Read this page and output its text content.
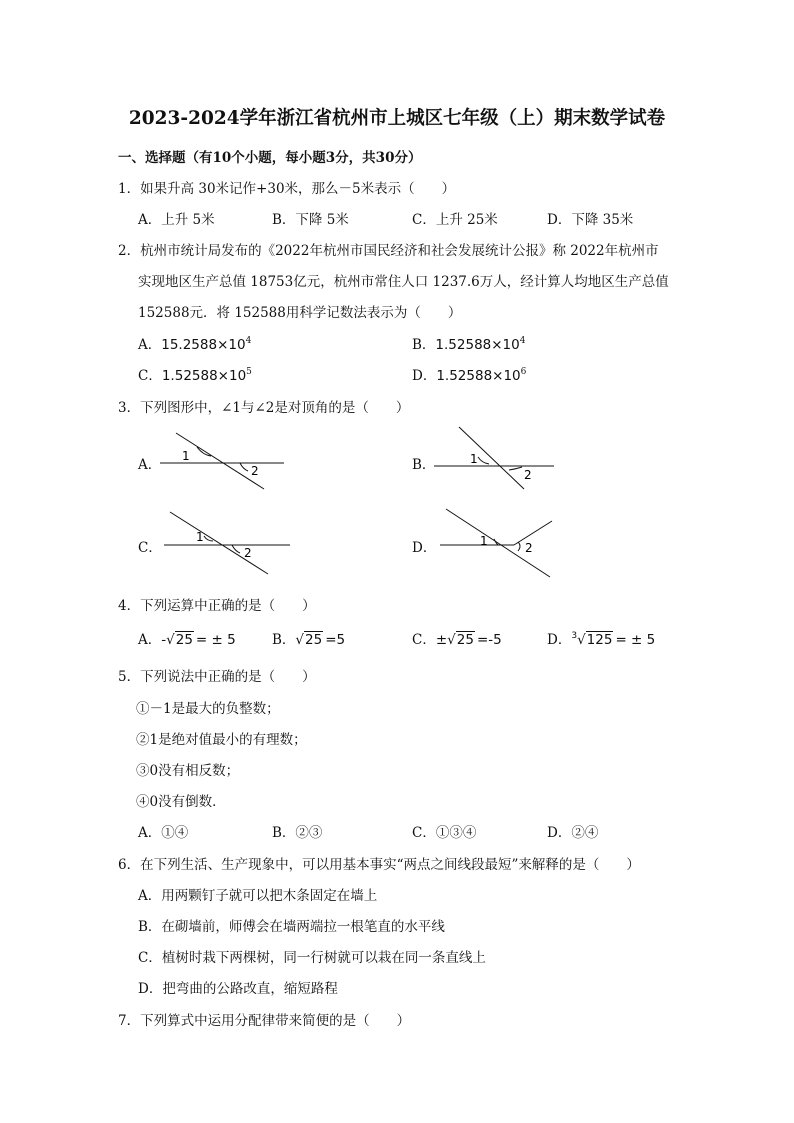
2023-2024学年浙江省杭州市上城区七年级（上）期末数学试卷
一、选择题（有10个小题，每小题3分，共30分）
1．如果升高 30米记作+30米，那么－5米表示（　　）
A．上升 5米	B．下降 5米	C．上升 25米	D．下降 35米
2．杭州市统计局发布的《2022年杭州市国民经济和社会发展统计公报》称 2022年杭州市
实现地区生产总值 18753亿元，杭州市常住人口 1237.6万人，经计算人均地区生产总值
152588元．将 152588用科学记数法表示为（　　）
A．$15.2588\times 10^4$	B．$1.52588\times 10^4$
C．$1.52588\times 10^5$	D．$1.52588\times 10^6$
3．下列图形中，∠1与∠2是对顶角的是（　　）
A．
1
2	B．	1
2
C．
1
2	D．	1	2
4．下列运算中正确的是（　　）
A．-√25 = ± 5	B．√25 =5	C．±√25 =-5	D．$^3$√125 = ± 5
5．下列说法中正确的是（　　）
①－1是最大的负整数；
②1是绝对值最小的有理数；
③0没有相反数；
④0没有倒数．
A．①④	B．②③	C．①③④	D．②④
6．在下列生活、生产现象中，可以用基本事实“两点之间线段最短”来解释的是（　　）
A．用两颗钉子就可以把木条固定在墙上
B．在砌墙前，师傅会在墙两端拉一根笔直的水平线
C．植树时栽下两棵树，同一行树就可以栽在同一条直线上
D．把弯曲的公路改直，缩短路程
7．下列算式中运用分配律带来简便的是（　　）
